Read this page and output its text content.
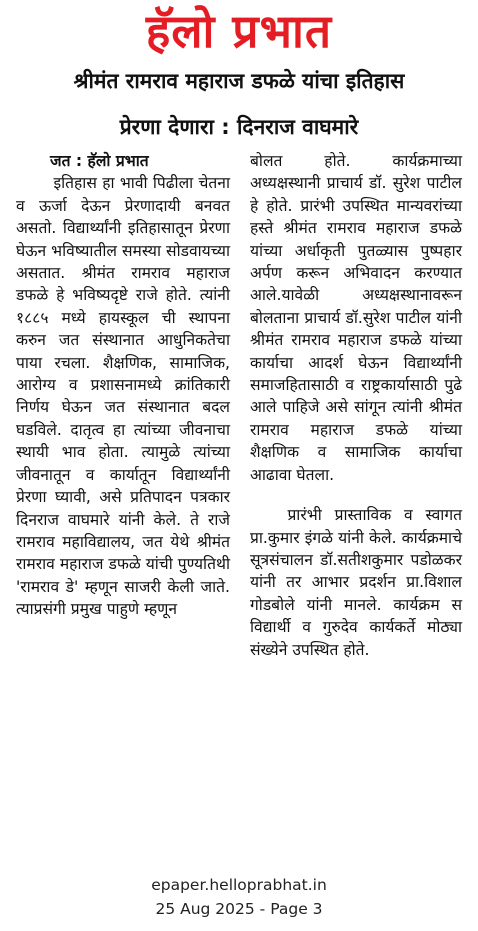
हॅलो प्रभात
श्रीमंत रामराव महाराज डफळे यांचा इतिहास
प्रेरणा देणारा : दिनराज वाघमारे
जत : हॅलो प्रभात

इतिहास हा भावी पिढीला चेतना व ऊर्जा देऊन प्रेरणादायी बनवत असतो. विद्यार्थ्यांनी इतिहासातून प्रेरणा घेऊन भविष्यातील समस्या सोडवायच्या असतात. श्रीमंत रामराव महाराज डफळे हे भविष्यदृष्टे राजे होते. त्यांनी १८८५ मध्ये हायस्कूल ची स्थापना करुन जत संस्थानात आधुनिकतेचा पाया रचला. शैक्षणिक, सामाजिक, आरोग्य व प्रशासनामध्ये क्रांतिकारी निर्णय घेऊन जत संस्थानात बदल घडविले. दातृत्व हा त्यांच्या जीवनाचा स्थायी भाव होता. त्यामुळे त्यांच्या जीवनातून व कार्यातून विद्यार्थ्यांनी प्रेरणा घ्यावी, असे प्रतिपादन पत्रकार दिनराज वाघमारे यांनी केले. ते राजे रामराव महाविद्यालय, जत येथे श्रीमंत रामराव महाराज डफळे यांची पुण्यतिथी 'रामराव डे' म्हणून साजरी केली जाते. त्याप्रसंगी प्रमुख पाहुणे म्हणून

बोलत होते. कार्यक्रमाच्या अध्यक्षस्थानी प्राचार्य डॉ. सुरेश पाटील हे होते. प्रारंभी उपस्थित मान्यवरांच्या हस्ते श्रीमंत रामराव महाराज डफळे यांच्या अर्धाकृती पुतळ्यास पुष्पहार अर्पण करून अभिवादन करण्यात आले.यावेळी अध्यक्षस्थानावरून बोलताना प्राचार्य डॉ.सुरेश पाटील यांनी श्रीमंत रामराव महाराज डफळे यांच्या कार्याचा आदर्श घेऊन विद्यार्थ्यांनी समाजहितासाठी व राष्ट्रकार्यासाठी पुढे आले पाहिजे असे सांगून त्यांनी श्रीमंत रामराव महाराज डफळे यांच्या शैक्षणिक व सामाजिक कार्याचा आढावा घेतला.

प्रारंभी प्रास्ताविक व स्वागत प्रा.कुमार इंगळे यांनी केले. कार्यक्रमाचे सूत्रसंचालन डॉ.सतीशकुमार पडोळकर यांनी तर आभार प्रदर्शन प्रा.विशाल गोडबोले यांनी मानले. कार्यक्रम स विद्यार्थी व गुरुदेव कार्यकर्ते मोठ्या संख्येने उपस्थित होते.

epaper.helloprabhat.in
25 Aug 2025 - Page 3
